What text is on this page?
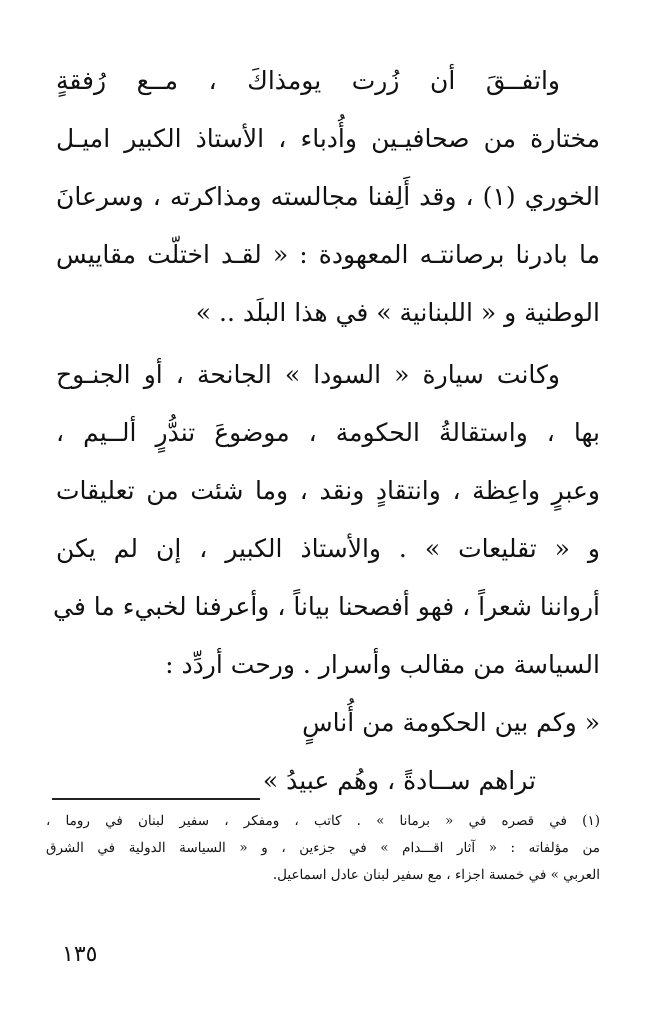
واتفــقَ أن زُرت يومذاكَ ، مــع رُفقةٍ
مختارة من صحافيـين وأُدباء ، الأستاذ الكبير اميـل
الخوري (١) ، وقد أَلِفنا مجالسته ومذاكرته ، وسرعانَ
ما بادرنا برصانتـه المعهودة : « لقـد اختلّت مقاييس
الوطنية و « اللبنانية » في هذا البلَد .. »
وكانت سيارة « السودا » الجانحة ، أو الجنـوح
بها ، واستقالةُ الحكومة ، موضوعَ تندُّرٍ ألــيم ،
وعبرٍ واعِظة ، وانتقادٍ ونقد ، وما شئت من تعليقات
و « تقليعات » . والأستاذ الكبير ، إن لم يكن
أرواننا شعراً ، فهو أفصحنا بياناً ، وأعرفنا لخبيء ما في
السياسة من مقالب وأسرار . ورحت أردِّد :
« وكم بين الحكومة من أُناسٍ
تراهم ســادةً ، وهُم عبيدُ »
(١) في قصره في « برمانا » . كاتب ، ومفكر ، سفير لبنان في روما ،
من مؤلفاته : « آثار اقـــدام » في جزءين ، و « السياسة الدولية في الشرق
العربي » في خمسة اجزاء ، مع سفير لبنان عادل اسماعيل.
١٣٥
